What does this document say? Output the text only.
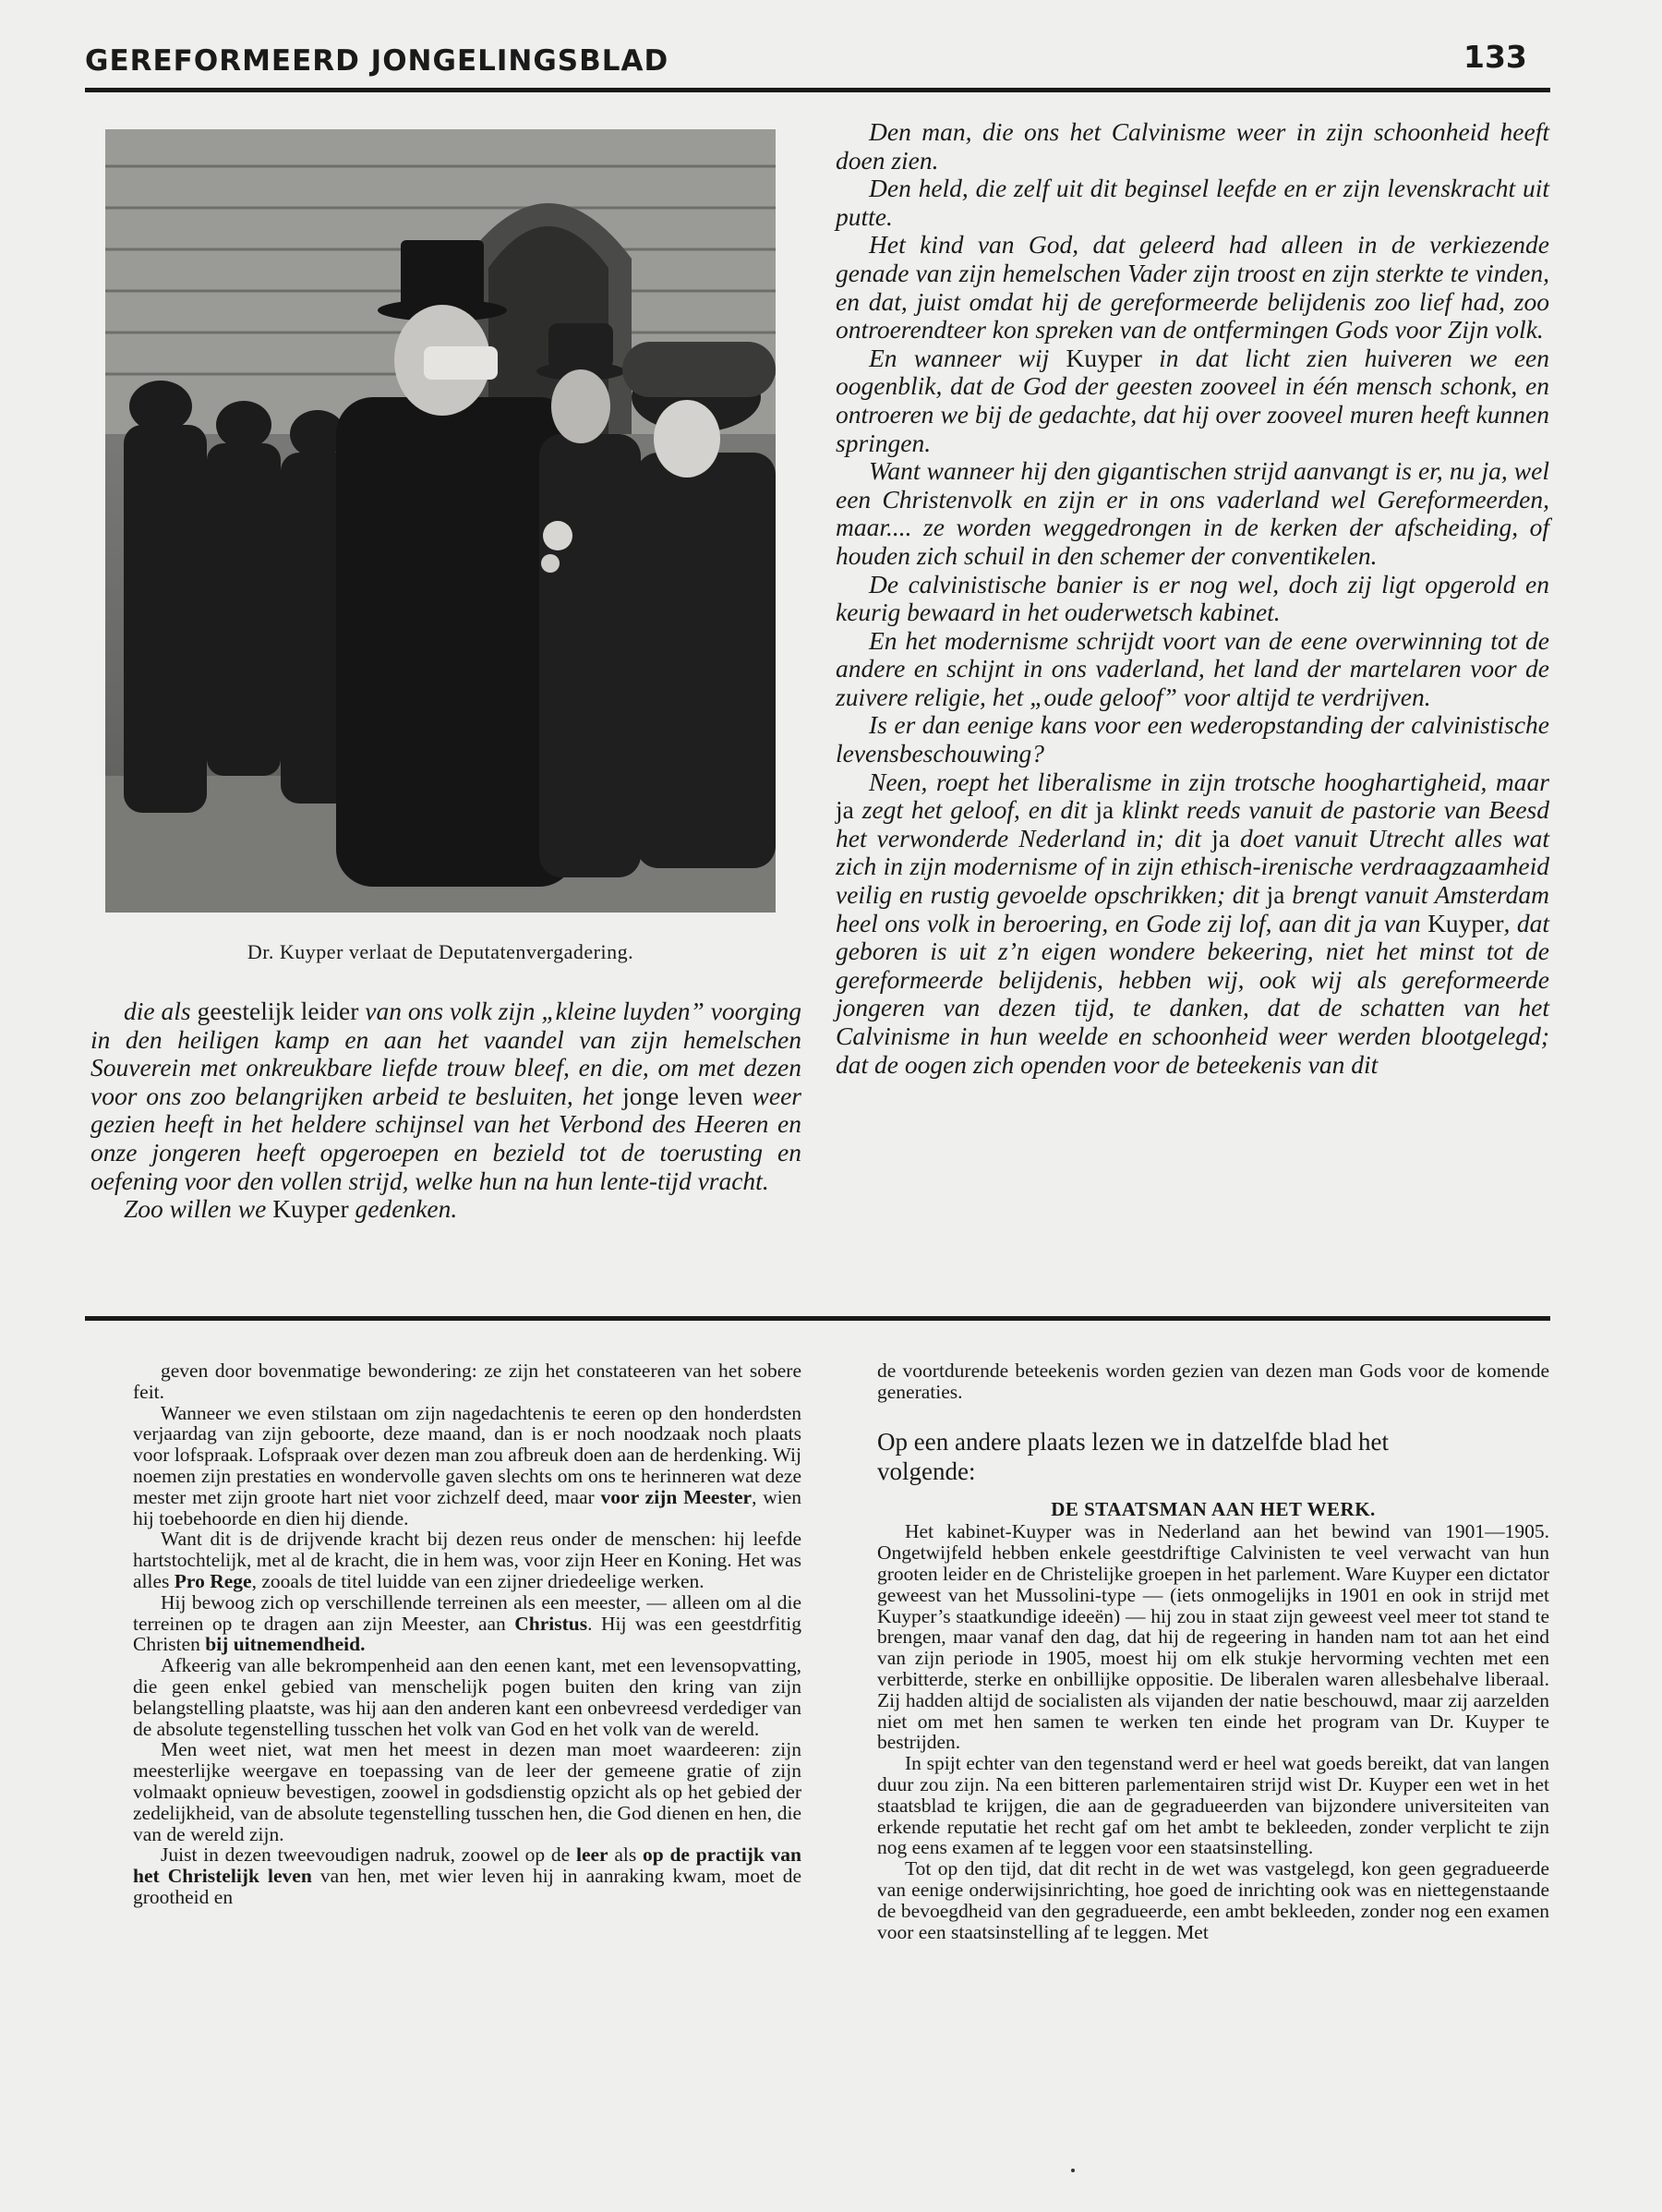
GEREFORMEERD JONGELINGSBLAD	133
Dr. Kuyper verlaat de Deputatenvergadering.

die als geestelijk leider van ons volk zijn „kleine luyden” voorging in den heiligen kamp en aan het vaandel van zijn hemelschen Souverein met onkreukbare liefde trouw bleef, en die, om met dezen voor ons zoo belangrijken arbeid te besluiten, het jonge leven weer gezien heeft in het heldere schijnsel van het Verbond des Heeren en onze jongeren heeft opgeroepen en bezield tot de toerusting en oefening voor den vollen strijd, welke hun na hun lente-tijd vracht.

Zoo willen we Kuyper gedenken.

Den man, die ons het Calvinisme weer in zijn schoonheid heeft doen zien.

Den held, die zelf uit dit beginsel leefde en er zijn levenskracht uit putte.

Het kind van God, dat geleerd had alleen in de verkiezende genade van zijn hemelschen Vader zijn troost en zijn sterkte te vinden, en dat, juist omdat hij de gereformeerde belijdenis zoo lief had, zoo ontroerendteer kon spreken van de ontfermingen Gods voor Zijn volk.

En wanneer wij Kuyper in dat licht zien huiveren we een oogenblik, dat de God der geesten zooveel in één mensch schonk, en ontroeren we bij de gedachte, dat hij over zooveel muren heeft kunnen springen.

Want wanneer hij den gigantischen strijd aanvangt is er, nu ja, wel een Christenvolk en zijn er in ons vaderland wel Gereformeerden, maar.... ze worden weggedrongen in de kerken der afscheiding, of houden zich schuil in den schemer der conventikelen.

De calvinistische banier is er nog wel, doch zij ligt opgerold en keurig bewaard in het ouderwetsch kabinet.

En het modernisme schrijdt voort van de eene overwinning tot de andere en schijnt in ons vaderland, het land der martelaren voor de zuivere religie, het „oude geloof” voor altijd te verdrijven.

Is er dan eenige kans voor een wederopstanding der calvinistische levensbeschouwing?

Neen, roept het liberalisme in zijn trotsche hooghartigheid, maar ja zegt het geloof, en dit ja klinkt reeds vanuit de pastorie van Beesd het verwonderde Nederland in; dit ja doet vanuit Utrecht alles wat zich in zijn modernisme of in zijn ethisch-irenische verdraagzaamheid veilig en rustig gevoelde opschrikken; dit ja brengt vanuit Amsterdam heel ons volk in beroering, en Gode zij lof, aan dit ja van Kuyper, dat geboren is uit z’n eigen wondere bekeering, niet het minst tot de gereformeerde belijdenis, hebben wij, ook wij als gereformeerde jongeren van dezen tijd, te danken, dat de schatten van het Calvinisme in hun weelde en schoonheid weer werden blootgelegd; dat de oogen zich openden voor de beteekenis van dit

geven door bovenmatige bewondering: ze zijn het constateeren van het sobere feit.

Wanneer we even stilstaan om zijn nagedachtenis te eeren op den honderdsten verjaardag van zijn geboorte, deze maand, dan is er noch noodzaak noch plaats voor lofspraak. Lofspraak over dezen man zou afbreuk doen aan de herdenking. Wij noemen zijn prestaties en wondervolle gaven slechts om ons te herinneren wat deze mester met zijn groote hart niet voor zichzelf deed, maar voor zijn Meester, wien hij toebehoorde en dien hij diende.

Want dit is de drijvende kracht bij dezen reus onder de menschen: hij leefde hartstochtelijk, met al de kracht, die in hem was, voor zijn Heer en Koning. Het was alles Pro Rege, zooals de titel luidde van een zijner driedeelige werken.

Hij bewoog zich op verschillende terreinen als een meester, — alleen om al die terreinen op te dragen aan zijn Meester, aan Christus. Hij was een geestdrfitig Christen bij uitnemendheid.

Afkeerig van alle bekrompenheid aan den eenen kant, met een levensopvatting, die geen enkel gebied van menschelijk pogen buiten den kring van zijn belangstelling plaatste, was hij aan den anderen kant een onbevreesd verdediger van de absolute tegenstelling tusschen het volk van God en het volk van de wereld.

Men weet niet, wat men het meest in dezen man moet waardeeren: zijn meesterlijke weergave en toepassing van de leer der gemeene gratie of zijn volmaakt opnieuw bevestigen, zoowel in godsdienstig opzicht als op het gebied der zedelijkheid, van de absolute tegenstelling tusschen hen, die God dienen en hen, die van de wereld zijn.

Juist in dezen tweevoudigen nadruk, zoowel op de leer als op de practijk van het Christelijk leven van hen, met wier leven hij in aanraking kwam, moet de grootheid en

de voortdurende beteekenis worden gezien van dezen man Gods voor de komende generaties.

Op een andere plaats lezen we in datzelfde blad het
volgende:
DE STAATSMAN AAN HET WERK.

Het kabinet-Kuyper was in Nederland aan het bewind van 1901—1905. Ongetwijfeld hebben enkele geestdriftige Calvinisten te veel verwacht van hun grooten leider en de Christelijke groepen in het parlement. Ware Kuyper een dictator geweest van het Mussolini-type — (iets onmogelijks in 1901 en ook in strijd met Kuyper’s staatkundige ideeën) — hij zou in staat zijn geweest veel meer tot stand te brengen, maar vanaf den dag, dat hij de regeering in handen nam tot aan het eind van zijn periode in 1905, moest hij om elk stukje hervorming vechten met een verbitterde, sterke en onbillijke oppositie. De liberalen waren allesbehalve liberaal. Zij hadden altijd de socialisten als vijanden der natie beschouwd, maar zij aarzelden niet om met hen samen te werken ten einde het program van Dr. Kuyper te bestrijden.

In spijt echter van den tegenstand werd er heel wat goeds bereikt, dat van langen duur zou zijn. Na een bitteren parlementairen strijd wist Dr. Kuyper een wet in het staatsblad te krijgen, die aan de gegradueerden van bijzondere universiteiten van erkende reputatie het recht gaf om het ambt te bekleeden, zonder verplicht te zijn nog eens examen af te leggen voor een staatsinstelling.

Tot op den tijd, dat dit recht in de wet was vastgelegd, kon geen gegradueerde van eenige onderwijsinrichting, hoe goed de inrichting ook was en niettegenstaande de bevoegdheid van den gegradueerde, een ambt bekleeden, zonder nog een examen voor een staatsinstelling af te leggen. Met
